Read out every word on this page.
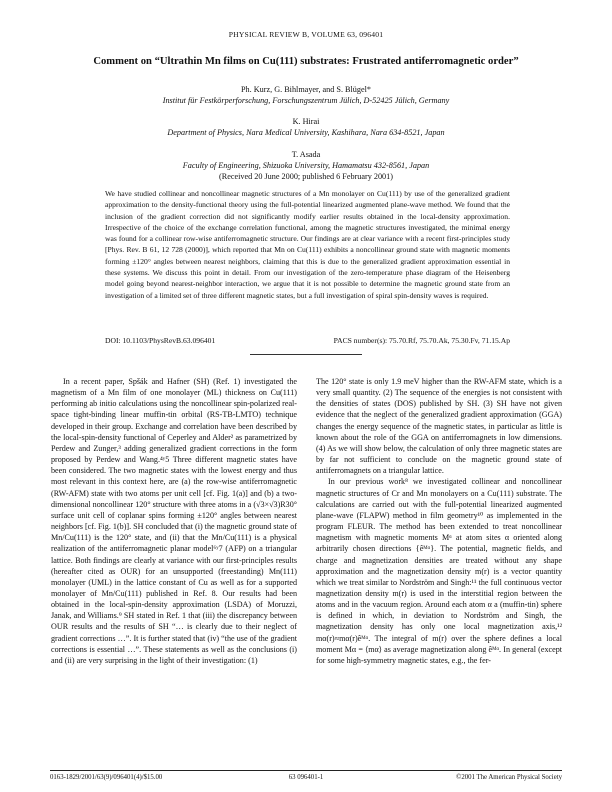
PHYSICAL REVIEW B, VOLUME 63, 096401
Comment on “Ultrathin Mn films on Cu(111) substrates: Frustrated antiferromagnetic order”
Ph. Kurz, G. Bihlmayer, and S. Blügel*
Institut für Festkörperforschung, Forschungszentrum Jülich, D-52425 Jülich, Germany
K. Hirai
Department of Physics, Nara Medical University, Kashihara, Nara 634-8521, Japan
T. Asada
Faculty of Engineering, Shizuoka University, Hamamatsu 432-8561, Japan
(Received 20 June 2000; published 6 February 2001)
We have studied collinear and noncollinear magnetic structures of a Mn monolayer on Cu(111) by use of the generalized gradient approximation to the density-functional theory using the full-potential linearized augmented plane-wave method. We found that the inclusion of the gradient correction did not significantly modify earlier results obtained in the local-density approximation. Irrespective of the choice of the exchange correlation functional, among the magnetic structures investigated, the minimal energy was found for a collinear row-wise antiferromagnetic structure. Our findings are at clear variance with a recent first-principles study [Phys. Rev. B 61, 12 728 (2000)], which reported that Mn on Cu(111) exhibits a noncollinear ground state with magnetic moments forming ±120° angles between nearest neighbors, claiming that this is due to the generalized gradient approximation essential in these systems. We discuss this point in detail. From our investigation of the zero-temperature phase diagram of the Heisenberg model going beyond nearest-neighbor interaction, we argue that it is not possible to determine the magnetic ground state from an investigation of a limited set of three different magnetic states, but a full investigation of spiral spin-density waves is required.
DOI: 10.1103/PhysRevB.63.096401	PACS number(s): 75.70.Rf, 75.70.Ak, 75.30.Fv, 71.15.Ap

In a recent paper, Spšák and Hafner (SH) (Ref. 1) investigated the magnetism of a Mn film of one monolayer (ML) thickness on Cu(111) performing ab initio calculations using the noncollinear spin-polarized real-space tight-binding linear muffin-tin orbital (RS-TB-LMTO) technique developed in their group. Exchange and correlation have been described by the local-spin-density functional of Ceperley and Alder² as parametrized by Perdew and Zunger,³ adding generalized gradient corrections in the form proposed by Perdew and Wang.⁴ʸ5 Three different magnetic states have been considered. The two magnetic states with the lowest energy and thus most relevant in this context here, are (a) the row-wise antiferromagnetic (RW-AFM) state with two atoms per unit cell [cf. Fig. 1(a)] and (b) a two-dimensional noncollinear 120° structure with three atoms in a (√3×√3)R30° surface unit cell of coplanar spins forming ±120° angles between nearest neighbors [cf. Fig. 1(b)]. SH concluded that (i) the magnetic ground state of Mn/Cu(111) is the 120° state, and (ii) that the Mn/Cu(111) is a physical realization of the antiferromagnetic planar model⁶ʸ7 (AFP) on a triangular lattice. Both findings are clearly at variance with our first-principles results (hereafter cited as OUR) for an unsupported (freestanding) Mn(111) monolayer (UML) in the lattice constant of Cu as well as for a supported monolayer of Mn/Cu(111) published in Ref. 8. Our results had been obtained in the local-spin-density approximation (LSDA) of Moruzzi, Janak, and Williams.⁹ SH stated in Ref. 1 that (iii) the discrepancy between OUR results and the results of SH “… is clearly due to their neglect of gradient corrections …”. It is further stated that (iv) “the use of the gradient corrections is essential …”. These statements as well as the conclusions (i) and (ii) are very surprising in the light of their investigation: (1)

The 120° state is only 1.9 meV higher than the RW-AFM state, which is a very small quantity. (2) The sequence of the energies is not consistent with the densities of states (DOS) published by SH. (3) SH have not given evidence that the neglect of the generalized gradient approximation (GGA) changes the energy sequence of the magnetic states, in particular as little is known about the role of the GGA on antiferromagnets in low dimensions. (4) As we will show below, the calculation of only three magnetic states are by far not sufficient to conclude on the magnetic ground state of antiferromagnets on a triangular lattice.

In our previous work⁸ we investigated collinear and noncollinear magnetic structures of Cr and Mn monolayers on a Cu(111) substrate. The calculations are carried out with the full-potential linearized augmented plane-wave (FLAPW) method in film geometry¹⁰ as implemented in the program FLEUR. The method has been extended to treat noncollinear magnetism with magnetic moments Mᵅ at atom sites α oriented along arbitrarily chosen directions {êᴹᵅ}. The potential, magnetic fields, and charge and magnetization densities are treated without any shape approximation and the magnetization density m(r) is a vector quantity which we treat similar to Nordström and Singh:¹¹ the full continuous vector magnetization density m(r) is used in the interstitial region between the atoms and in the vacuum region. Around each atom α a (muffin-tin) sphere is defined in which, in deviation to Nordström and Singh, the magnetization density has only one local magnetization axis,¹² mα(r)≈mα(r)êᴹᵅ. The integral of m(r) over the sphere defines a local moment Mα = ⟨mα⟩ as average magnetization along êᴹᵅ. In general (except for some high-symmetry magnetic states, e.g., the fer-

0163-1829/2001/63(9)/096401(4)/$15.00	63 096401-1	©2001 The American Physical Society
